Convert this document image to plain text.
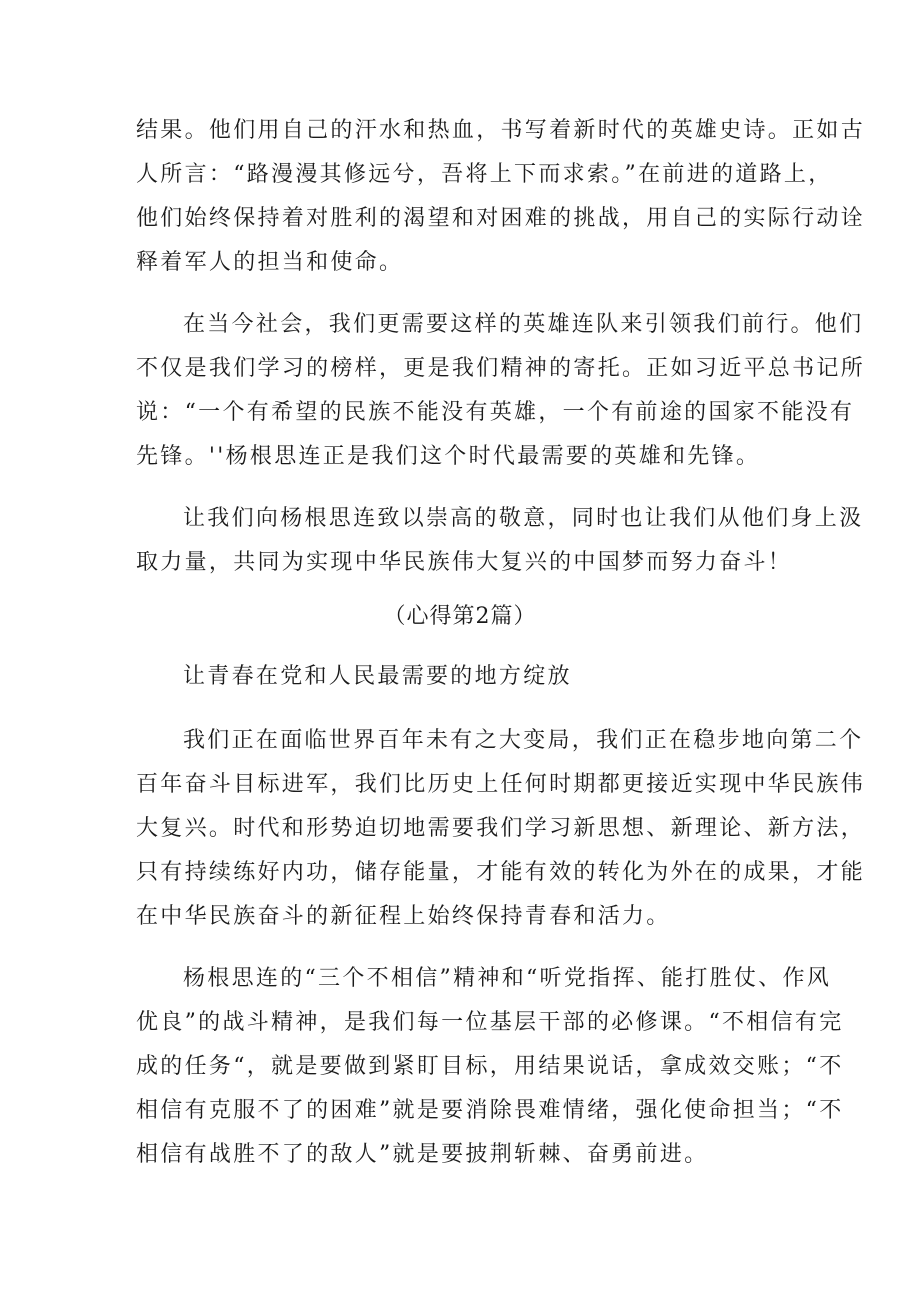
结果。他们用自己的汗水和热血，书写着新时代的英雄史诗。正如古
人所言：“路漫漫其修远兮，吾将上下而求索。”在前进的道路上，
他们始终保持着对胜利的渴望和对困难的挑战，用自己的实际行动诠
释着军人的担当和使命。
在当今社会，我们更需要这样的英雄连队来引领我们前行。他们
不仅是我们学习的榜样，更是我们精神的寄托。正如习近平总书记所
说：“一个有希望的民族不能没有英雄，一个有前途的国家不能没有
先锋。''杨根思连正是我们这个时代最需要的英雄和先锋。
让我们向杨根思连致以崇高的敬意，同时也让我们从他们身上汲
取力量，共同为实现中华民族伟大复兴的中国梦而努力奋斗！
（心得第2篇）
让青春在党和人民最需要的地方绽放
我们正在面临世界百年未有之大变局，我们正在稳步地向第二个
百年奋斗目标进军，我们比历史上任何时期都更接近实现中华民族伟
大复兴。时代和形势迫切地需要我们学习新思想、新理论、新方法，
只有持续练好内功，储存能量，才能有效的转化为外在的成果，才能
在中华民族奋斗的新征程上始终保持青春和活力。
杨根思连的“三个不相信”精神和“听党指挥、能打胜仗、作风
优良”的战斗精神，是我们每一位基层干部的必修课。“不相信有完
成的任务“，就是要做到紧盯目标，用结果说话，拿成效交账；“不
相信有克服不了的困难”就是要消除畏难情绪，强化使命担当；“不
相信有战胜不了的敌人”就是要披荆斩棘、奋勇前进。
